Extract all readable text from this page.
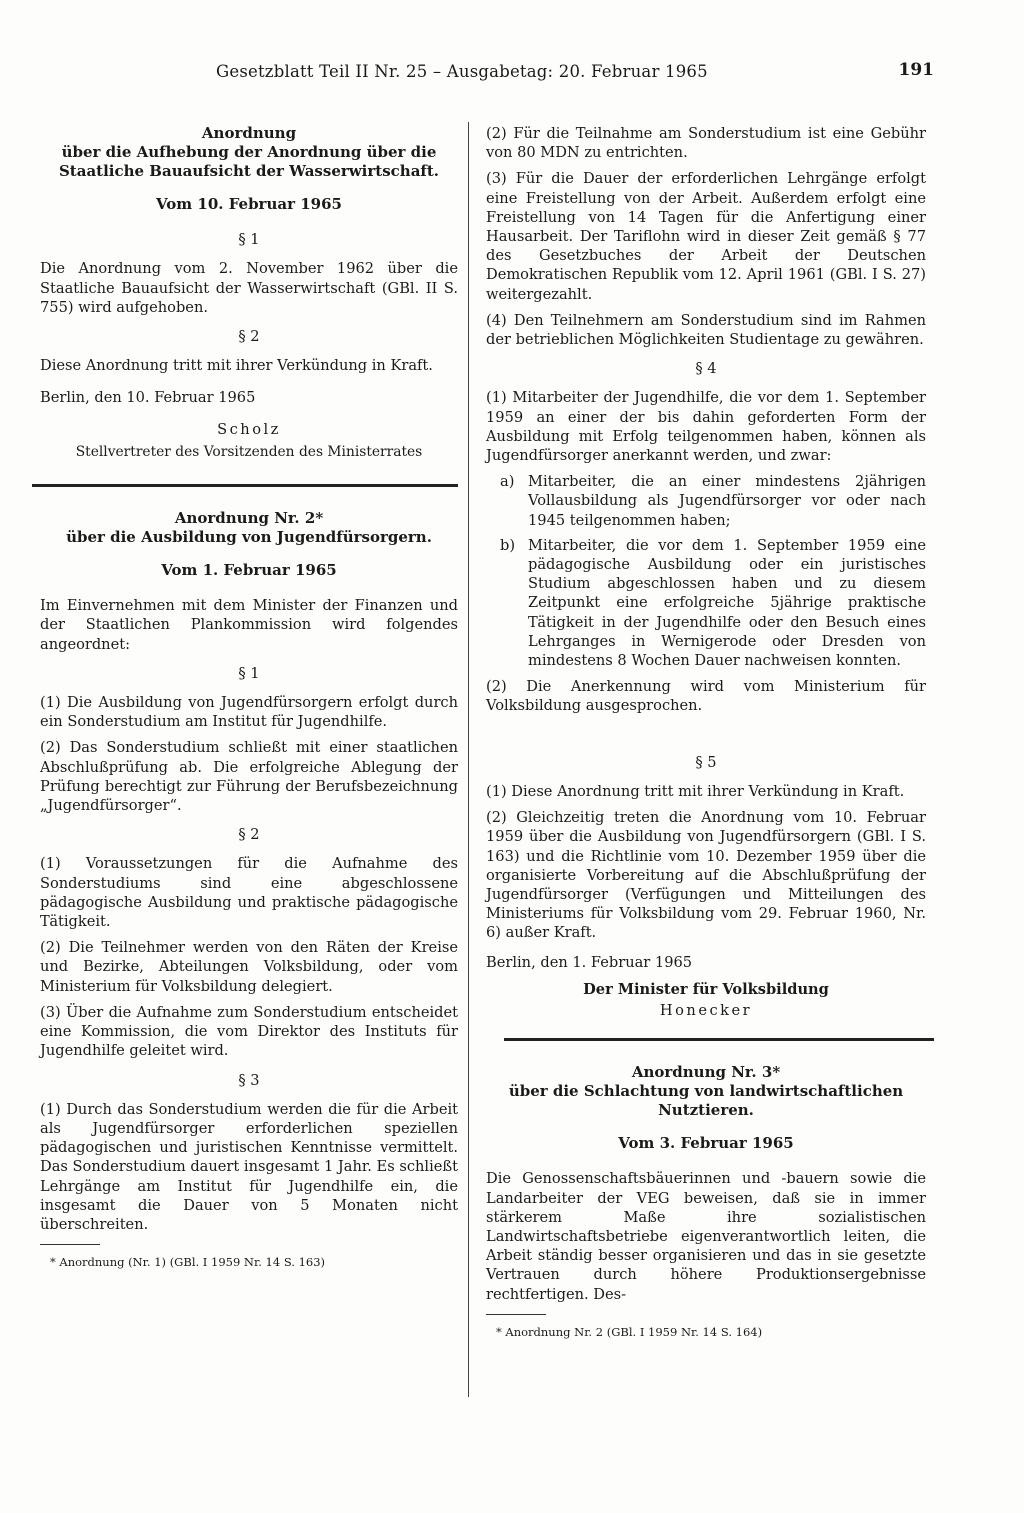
Gesetzblatt Teil II Nr. 25 – Ausgabetag: 20. Februar 1965	191

Anordnung

über die Aufhebung der Anordnung über die

Staatliche Bauaufsicht der Wasserwirtschaft.

Vom 10. Februar 1965
§ 1

Die Anordnung vom 2. November 1962 über die Staatliche Bauaufsicht der Wasserwirtschaft (GBl. II S. 755) wird aufgehoben.

§ 2

Diese Anordnung tritt mit ihrer Verkündung in Kraft.

Berlin, den 10. Februar 1965

Scholz

Stellvertreter des Vorsitzenden des Ministerrates

Anordnung Nr. 2*

über die Ausbildung von Jugendfürsorgern.

Vom 1. Februar 1965

Im Einvernehmen mit dem Minister der Finanzen und der Staatlichen Plankommission wird folgendes angeordnet:

§ 1

(1) Die Ausbildung von Jugendfürsorgern erfolgt durch ein Sonderstudium am Institut für Jugendhilfe.

(2) Das Sonderstudium schließt mit einer staatlichen Abschlußprüfung ab. Die erfolgreiche Ablegung der Prüfung berechtigt zur Führung der Berufsbezeichnung „Jugendfürsorger“.

§ 2

(1) Voraussetzungen für die Aufnahme des Sonderstudiums sind eine abgeschlossene pädagogische Ausbildung und praktische pädagogische Tätigkeit.

(2) Die Teilnehmer werden von den Räten der Kreise und Bezirke, Abteilungen Volksbildung, oder vom Ministerium für Volksbildung delegiert.

(3) Über die Aufnahme zum Sonderstudium entscheidet eine Kommission, die vom Direktor des Instituts für Jugendhilfe geleitet wird.

§ 3

(1) Durch das Sonderstudium werden die für die Arbeit als Jugendfürsorger erforderlichen speziellen pädagogischen und juristischen Kenntnisse vermittelt. Das Sonderstudium dauert insgesamt 1 Jahr. Es schließt Lehrgänge am Institut für Jugendhilfe ein, die insgesamt die Dauer von 5 Monaten nicht überschreiten.

* Anordnung (Nr. 1) (GBl. I 1959 Nr. 14 S. 163)

(2) Für die Teilnahme am Sonderstudium ist eine Gebühr von 80 MDN zu entrichten.

(3) Für die Dauer der erforderlichen Lehrgänge erfolgt eine Freistellung von der Arbeit. Außerdem erfolgt eine Freistellung von 14 Tagen für die Anfertigung einer Hausarbeit. Der Tariflohn wird in dieser Zeit gemäß § 77 des Gesetzbuches der Arbeit der Deutschen Demokratischen Republik vom 12. April 1961 (GBl. I S. 27) weitergezahlt.

(4) Den Teilnehmern am Sonderstudium sind im Rahmen der betrieblichen Möglichkeiten Studientage zu gewähren.

§ 4

(1) Mitarbeiter der Jugendhilfe, die vor dem 1. September 1959 an einer der bis dahin geforderten Form der Ausbildung mit Erfolg teilgenommen haben, können als Jugendfürsorger anerkannt werden, und zwar:

a) Mitarbeiter, die an einer mindestens 2jährigen Vollausbildung als Jugendfürsorger vor oder nach 1945 teilgenommen haben;
b) Mitarbeiter, die vor dem 1. September 1959 eine pädagogische Ausbildung oder ein juristisches Studium abgeschlossen haben und zu diesem Zeitpunkt eine erfolgreiche 5jährige praktische Tätigkeit in der Jugendhilfe oder den Besuch eines Lehrganges in Wernigerode oder Dresden von mindestens 8 Wochen Dauer nachweisen konnten.

(2) Die Anerkennung wird vom Ministerium für Volksbildung ausgesprochen.

§ 5

(1) Diese Anordnung tritt mit ihrer Verkündung in Kraft.

(2) Gleichzeitig treten die Anordnung vom 10. Februar 1959 über die Ausbildung von Jugendfürsorgern (GBl. I S. 163) und die Richtlinie vom 10. Dezember 1959 über die organisierte Vorbereitung auf die Abschlußprüfung der Jugendfürsorger (Verfügungen und Mitteilungen des Ministeriums für Volksbildung vom 29. Februar 1960, Nr. 6) außer Kraft.

Berlin, den 1. Februar 1965

Der Minister für Volksbildung
Honecker

Anordnung Nr. 3*

über die Schlachtung von landwirtschaftlichen

Nutztieren.

Vom 3. Februar 1965

Die Genossenschaftsbäuerinnen und -bauern sowie die Landarbeiter der VEG beweisen, daß sie in immer stärkerem Maße ihre sozialistischen Landwirtschaftsbetriebe eigenverantwortlich leiten, die Arbeit ständig besser organisieren und das in sie gesetzte Vertrauen durch höhere Produktionsergebnisse rechtfertigen. Des-

* Anordnung Nr. 2 (GBl. I 1959 Nr. 14 S. 164)
